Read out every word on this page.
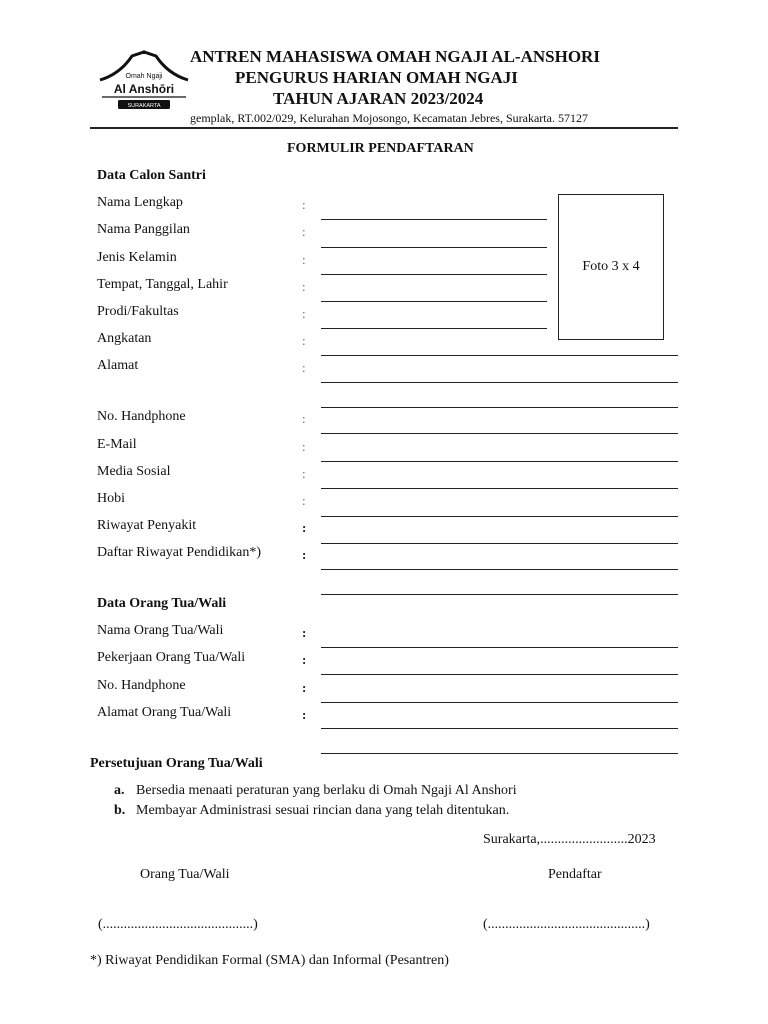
Omah Ngaji
Al Anshōri
SURAKARTA
ANTREN MAHASISWA OMAH NGAJI AL-ANSHORI
PENGURUS HARIAN OMAH NGAJI
TAHUN AJARAN 2023/2024
gemplak, RT.002/029, Kelurahan Mojosongo, Kecamatan Jebres, Surakarta. 57127
FORMULIR PENDAFTARAN
Data Calon Santri
Nama Lengkap	:
Nama Panggilan	:
Jenis Kelamin	:
Tempat, Tanggal, Lahir	:
Prodi/Fakultas	:
Angkatan	:
Alamat	:
No. Handphone	:
E-Mail	:
Media Sosial	:
Hobi	:
Riwayat Penyakit	:
Daftar Riwayat Pendidikan*)	:
Foto 3 x 4
Data Orang Tua/Wali
Nama Orang Tua/Wali	:
Pekerjaan Orang Tua/Wali	:
No. Handphone	:
Alamat Orang Tua/Wali	:
Persetujuan Orang Tua/Wali
a. Bersedia menaati peraturan yang berlaku di Omah Ngaji Al Anshori
b. Membayar Administrasi sesuai rincian dana yang telah ditentukan.
Surakarta,.........................2023
Orang Tua/Wali	Pendaftar
(...........................................)	(.............................................)
*) Riwayat Pendidikan Formal (SMA) dan Informal (Pesantren)
